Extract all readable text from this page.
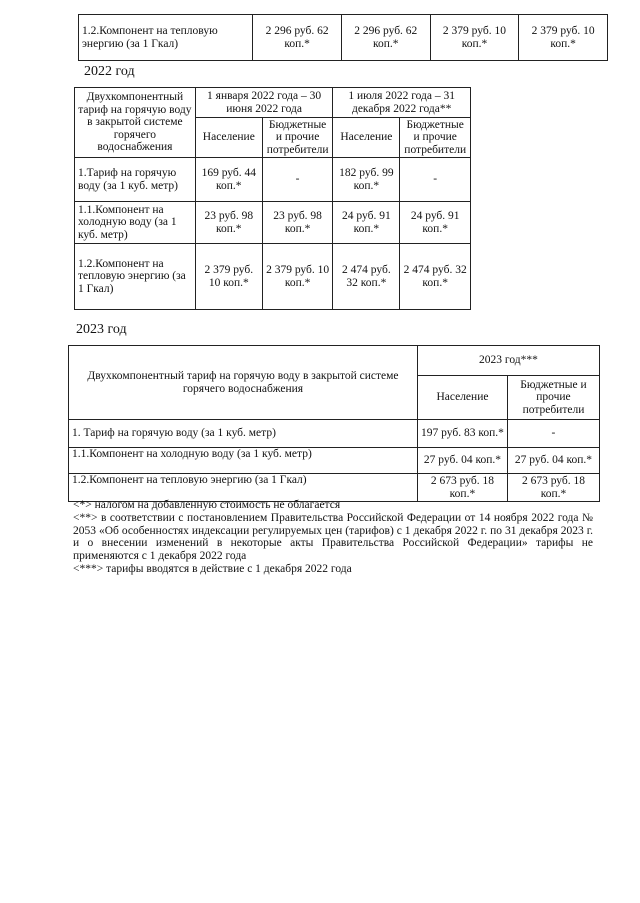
1.2.Компонент на тепловую энергию (за 1 Гкал)	2 296 руб. 62 коп.*	2 296 руб. 62 коп.*	2 379 руб. 10 коп.*	2 379 руб. 10 коп.*
2022 год
Двухкомпонентный тариф на горячую воду в закрытой системе горячего водоснабжения	1 января 2022 года – 30 июня 2022 года		1 июля 2022 года – 31 декабря 2022 года**	
	Население	Бюджетные и прочие потребители	Население	Бюджетные и прочие потребители
1.Тариф на горячую воду (за 1 куб. метр)	169 руб. 44 коп.*	-	182 руб. 99 коп.*	-
1.1.Компонент на холодную воду (за 1 куб. метр)	23 руб. 98 коп.*	23 руб. 98 коп.*	24 руб. 91 коп.*	24 руб. 91 коп.*
1.2.Компонент на тепловую энергию (за 1 Гкал)	2 379 руб. 10 коп.*	2 379 руб. 10 коп.*	2 474 руб. 32 коп.*	2 474 руб. 32 коп.*
2023 год
Двухкомпонентный тариф на горячую воду в закрытой системе горячего водоснабжения	2023 год***	
	Население	Бюджетные и прочие потребители
1. Тариф на горячую воду (за 1 куб. метр)	197 руб. 83 коп.*	-
1.1.Компонент на холодную воду (за 1 куб. метр)	27 руб. 04 коп.*	27 руб. 04 коп.*
1.2.Компонент на тепловую энергию (за 1 Гкал)	2 673 руб. 18 коп.*	2 673 руб. 18 коп.*
<*> налогом на добавленную стоимость не облагается
<**> в соответствии с постановлением Правительства Российской Федерации от 14 ноября 2022 года № 2053 «Об особенностях индексации регулируемых цен (тарифов) с 1 декабря 2022 г. по 31 декабря 2023 г. и о внесении изменений в некоторые акты Правительства Российской Федерации» тарифы не применяются с 1 декабря 2022 года
<***> тарифы вводятся в действие с 1 декабря 2022 года
